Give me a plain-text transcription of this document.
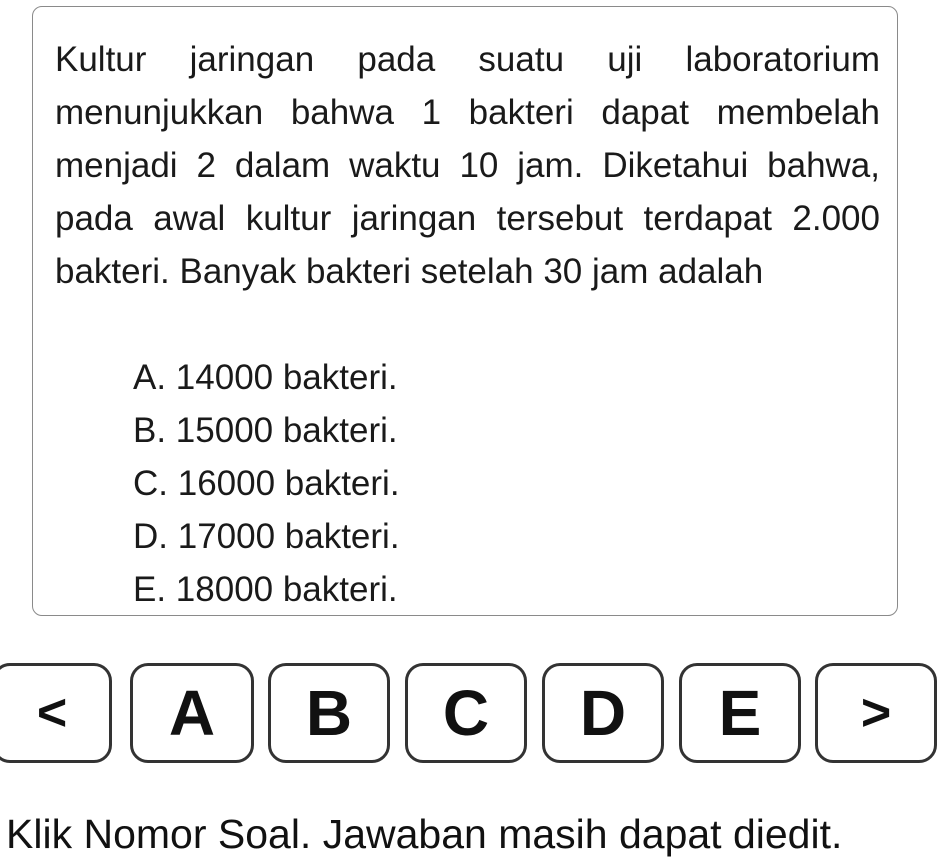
Kultur jaringan pada suatu uji laboratorium menunjukkan bahwa 1 bakteri dapat membelah menjadi 2 dalam waktu 10 jam. Diketahui bahwa, pada awal kultur jaringan tersebut terdapat 2.000 bakteri. Banyak bakteri setelah 30 jam adalah

A. 14000 bakteri.
B. 15000 bakteri.
C. 16000 bakteri.
D. 17000 bakteri.
E. 18000 bakteri.
<	A	B	C	D	E	>
Klik Nomor Soal. Jawaban masih dapat diedit.
